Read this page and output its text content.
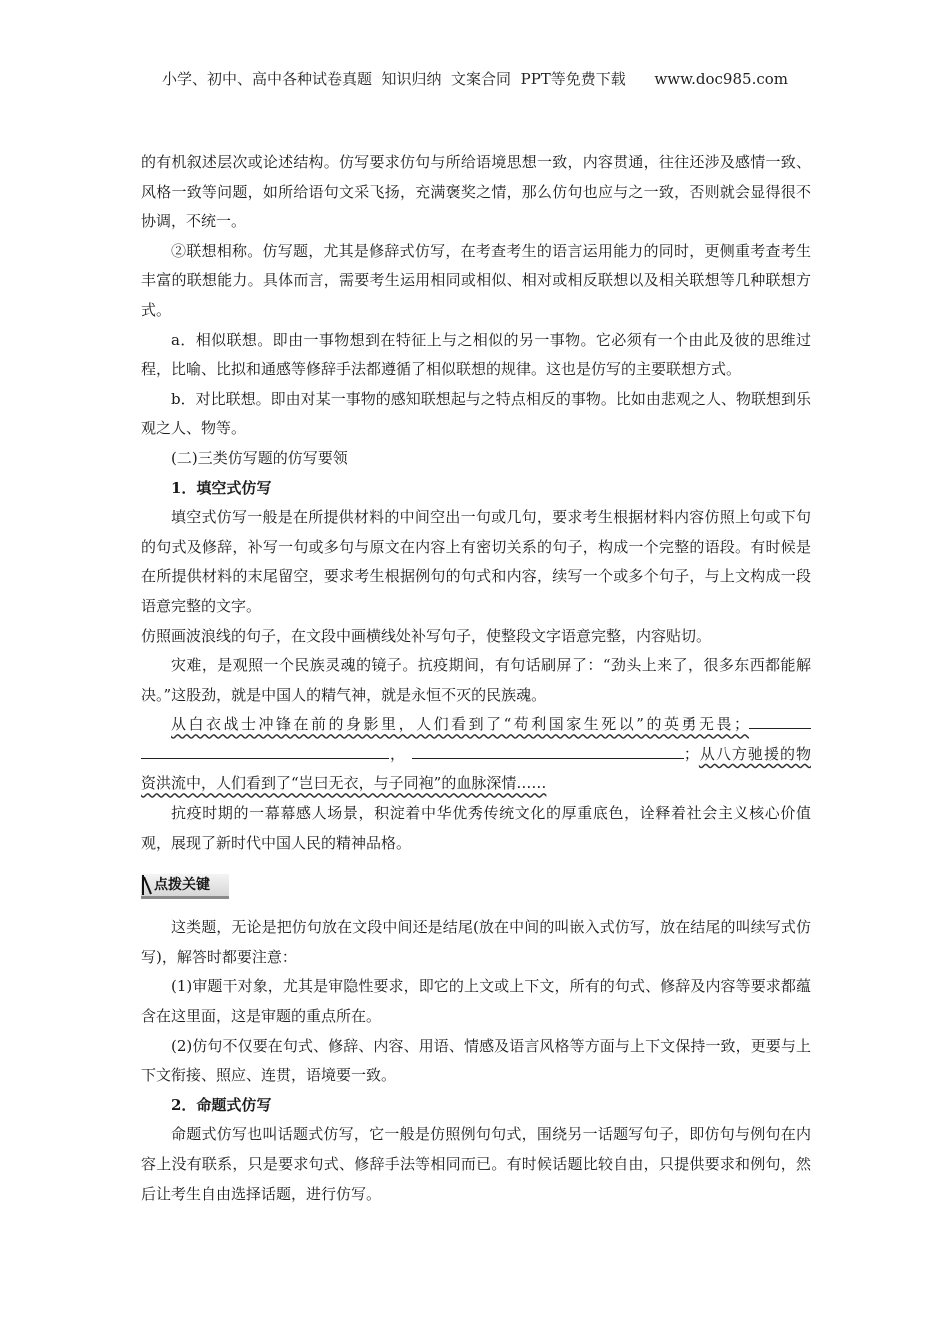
小学、初中、高中各种试卷真题  知识归纳  文案合同  PPT等免费下载      www.doc985.com

的有机叙述层次或论述结构。仿写要求仿句与所给语境思想一致，内容贯通，往往还涉及感情一致、风格一致等问题，如所给语句文采飞扬，充满褒奖之情，那么仿句也应与之一致，否则就会显得很不协调，不统一。

②联想相称。仿写题，尤其是修辞式仿写，在考查考生的语言运用能力的同时，更侧重考查考生丰富的联想能力。具体而言，需要考生运用相同或相似、相对或相反联想以及相关联想等几种联想方式。

a．相似联想。即由一事物想到在特征上与之相似的另一事物。它必须有一个由此及彼的思维过程，比喻、比拟和通感等修辞手法都遵循了相似联想的规律。这也是仿写的主要联想方式。

b．对比联想。即由对某一事物的感知联想起与之特点相反的事物。比如由悲观之人、物联想到乐观之人、物等。

(二)三类仿写题的仿写要领

1．填空式仿写

填空式仿写一般是在所提供材料的中间空出一句或几句，要求考生根据材料内容仿照上句或下句的句式及修辞，补写一句或多句与原文在内容上有密切关系的句子，构成一个完整的语段。有时候是在所提供材料的末尾留空，要求考生根据例句的句式和内容，续写一个或多个句子，与上文构成一段语意完整的文字。

仿照画波浪线的句子，在文段中画横线处补写句子，使整段文字语意完整，内容贴切。

灾难，是观照一个民族灵魂的镜子。抗疫期间，有句话刷屏了：“劲头上来了，很多东西都能解决。”这股劲，就是中国人的精气神，就是永恒不灭的民族魂。

从白衣战士冲锋在前的身影里，人们看到了“苟利国家生死以”的英勇无畏； ，	；从八方驰援的物资洪流中，人们看到了“岂曰无衣，与子同袍”的血脉深情……

抗疫时期的一幕幕感人场景，积淀着中华优秀传统文化的厚重底色，诠释着社会主义核心价值观，展现了新时代中国人民的精神品格。

点拨关键

这类题，无论是把仿句放在文段中间还是结尾(放在中间的叫嵌入式仿写，放在结尾的叫续写式仿写)，解答时都要注意：

(1)审题干对象，尤其是审隐性要求，即它的上文或上下文，所有的句式、修辞及内容等要求都蕴含在这里面，这是审题的重点所在。

(2)仿句不仅要在句式、修辞、内容、用语、情感及语言风格等方面与上下文保持一致，更要与上下文衔接、照应、连贯，语境要一致。

2．命题式仿写

命题式仿写也叫话题式仿写，它一般是仿照例句句式，围绕另一话题写句子，即仿句与例句在内容上没有联系，只是要求句式、修辞手法等相同而已。有时候话题比较自由，只提供要求和例句，然后让考生自由选择话题，进行仿写。
